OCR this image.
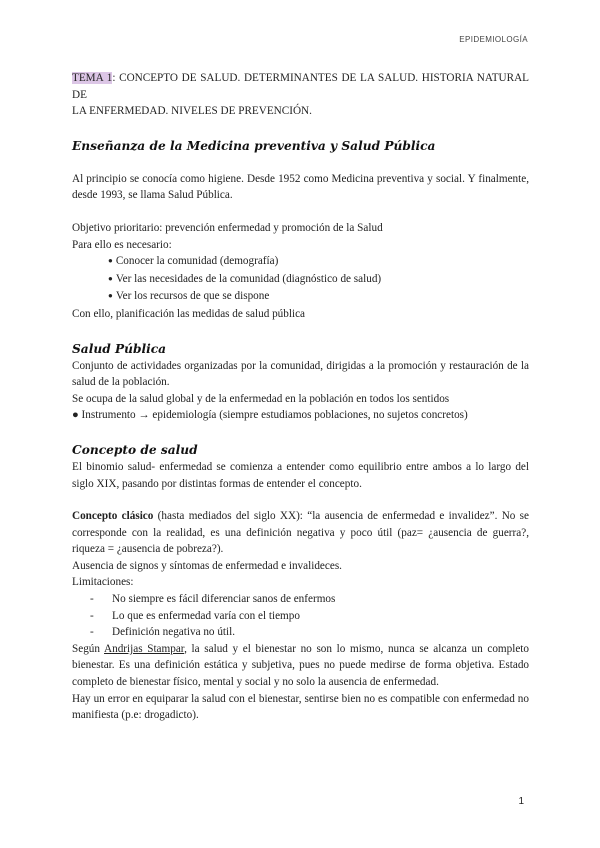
EPIDEMIOLOGÍA

TEMA 1: CONCEPTO DE SALUD. DETERMINANTES DE LA SALUD. HISTORIA NATURAL DE

LA ENFERMEDAD. NIVELES DE PREVENCIÓN.

Enseñanza de la Medicina preventiva y Salud Pública

Al principio se conocía como higiene. Desde 1952 como Medicina preventiva y social. Y finalmente, desde 1993, se llama Salud Pública.

Objetivo prioritario: prevención enfermedad y promoción de la Salud

Para ello es necesario:

● Conocer la comunidad (demografía)
● Ver las necesidades de la comunidad (diagnóstico de salud)
● Ver los recursos de que se dispone

Con ello, planificación las medidas de salud pública

Salud Pública

Conjunto de actividades organizadas por la comunidad, dirigidas a la promoción y restauración de la salud de la población.

Se ocupa de la salud global y de la enfermedad en la población en todos los sentidos

● Instrumento → epidemiología (siempre estudiamos poblaciones, no sujetos concretos)

Concepto de salud

El binomio salud- enfermedad se comienza a entender como equilibrio entre ambos a lo largo del siglo XIX, pasando por distintas formas de entender el concepto.

Concepto clásico (hasta mediados del siglo XX): “la ausencia de enfermedad e invalidez”. No se corresponde con la realidad, es una definición negativa y poco útil (paz= ¿ausencia de guerra?, riqueza = ¿ausencia de pobreza?).

Ausencia de signos y síntomas de enfermedad e invalideces.

Limitaciones:

- No siempre es fácil diferenciar sanos de enfermos
- Lo que es enfermedad varía con el tiempo
- Definición negativa no útil.

Según Andrijas Stampar, la salud y el bienestar no son lo mismo, nunca se alcanza un completo bienestar. Es una definición estática y subjetiva, pues no puede medirse de forma objetiva. Estado completo de bienestar físico, mental y social y no solo la ausencia de enfermedad.

Hay un error en equiparar la salud con el bienestar, sentirse bien no es compatible con enfermedad no manifiesta (p.e: drogadicto).

1
